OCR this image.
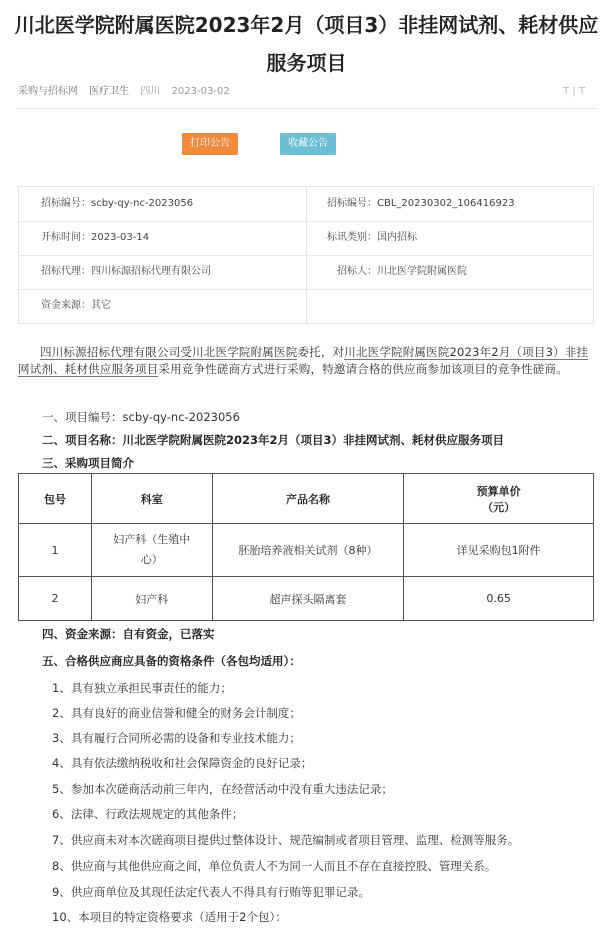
川北医学院附属医院2023年2月（项目3）非挂网试剂、耗材供应
服务项目
采购与招标网 医疗卫生 四川 2023-03-02	T | T
打印公告	收藏公告
招标编号：scby-qy-nc-2023056	招标编号：CBL_20230302_106416923
开标时间：2023-03-14	标讯类别：国内招标
招标代理：四川标源招标代理有限公司	招标人：川北医学院附属医院
资金来源：其它
四川标源招标代理有限公司受川北医学院附属医院委托，对川北医学院附属医院2023年2月（项目3）非挂网试剂、耗材供应服务项目采用竞争性磋商方式进行采购，特邀请合格的供应商参加该项目的竞争性磋商。
一、项目编号：scby-qy-nc-2023056
二、项目名称：川北医学院附属医院2023年2月（项目3）非挂网试剂、耗材供应服务项目
三、采购项目简介
包号	科室	产品名称	预算单价
（元）
1	妇产科（生殖中
心）	胚胎培养液相关试剂（8种）	详见采购包1附件
2	妇产科	超声探头隔离套	0.65
四、资金来源：自有资金，已落实
五、合格供应商应具备的资格条件（各包均适用）：
1、具有独立承担民事责任的能力；
2、具有良好的商业信誉和健全的财务会计制度；
3、具有履行合同所必需的设备和专业技术能力；
4、具有依法缴纳税收和社会保障资金的良好记录；
5、参加本次磋商活动前三年内，在经营活动中没有重大违法记录；
6、法律、行政法规规定的其他条件；
7、供应商未对本次磋商项目提供过整体设计、规范编制或者项目管理、监理、检测等服务。
8、供应商与其他供应商之间，单位负责人不为同一人而且不存在直接控股、管理关系。
9、供应商单位及其现任法定代表人不得具有行贿等犯罪记录。
10、本项目的特定资格要求（适用于2个包）：
